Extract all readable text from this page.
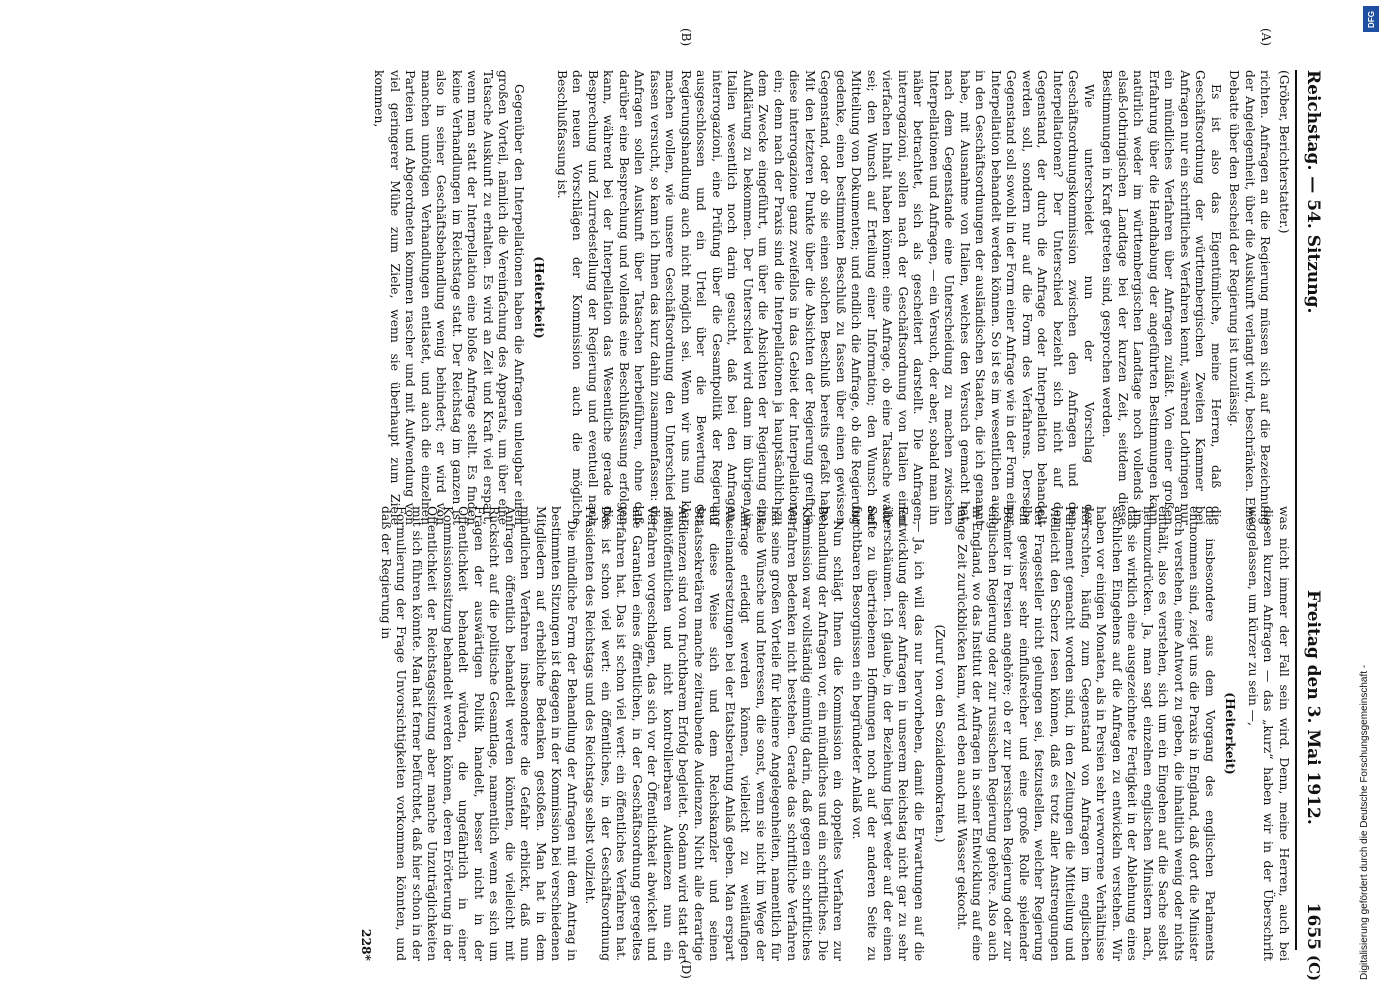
Reichstag. — 54. Sitzung.
Freitag den 3. Mai 1912.
1655
(A)
(B)
(C)
(D)

(Gröber, Berichterstatter.)

richten. Anfragen an die Regierung müssen sich auf die Bezeichnung der Angelegenheit, über die Auskunft verlangt wird, beschränken. Eine Debatte über den Bescheid der Regierung ist unzulässig.

Es ist also das Eigentümliche, meine Herren, daß die Geschäftsordnung der württembergischen Zweiten Kammer bei Anfragen nur ein schriftliches Verfahren kennt, während Lothringen nur ein mündliches Verfahren über Anfragen zuläßt. Von einer großen Erfahrung über die Handhabung der angeführten Bestimmungen kann natürlich weder im württembergischen Landtage noch vollends im elsaß-lothringischen Landtage bei der kurzen Zeit, seitdem diese Bestimmungen in Kraft getreten sind, gesprochen werden.

Wie unterscheidet nun der Vorschlag der Geschäftsordnungskommission zwischen den Anfragen und den Interpellationen? Der Unterschied bezieht sich nicht auf den Gegenstand, der durch die Anfrage oder Interpellation behandelt werden soll, sondern nur auf die Form des Verfahrens. Derselbe Gegenstand soll sowohl in der Form einer Anfrage wie in der Form einer Interpellation behandelt werden können. So ist es im wesentlichen auch in den Geschäftsordnungen der ausländischen Staaten, die ich genannt habe, mit Ausnahme von Italien, welches den Versuch gemacht hat, nach dem Gegenstande eine Unterscheidung zu machen zwischen Interpellationen und Anfragen, — ein Versuch, der aber, sobald man ihn näher betrachtet, sich als gescheitert darstellt. Die Anfragen, interrogazioni, sollen nach der Geschäftsordnung von Italien einen vierfachen Inhalt haben können: eine Anfrage, ob eine Tatsache wahr sei; den Wunsch auf Erteilung einer Information; den Wunsch auf Mitteilung von Dokumenten; und endlich die Anfrage, ob die Regierung gedenke, einen bestimmten Beschluß zu fassen über einen gewissen Gegenstand, oder ob sie einen solchen Beschluß bereits gefaßt habe. Mit den letzteren Punkte über die Absichten der Regierung greift ja diese interrogazione ganz zweifellos in das Gebiet der Interpellationen ein; denn nach der Praxis sind die Interpellationen ja hauptsächlich zu dem Zwecke eingeführt, um über die Absichten der Regierung eine Aufklärung zu bekommen. Der Unterschied wird dann im übrigen in Italien wesentlich noch darin gesucht, daß bei den Anfragen, interrogazioni, eine Prüfung über die Gesamtpolitik der Regierung ausgeschlossen und ein Urteil über die Bewertung der Regierungshandlung auch nicht möglich sei. Wenn wir uns nun klar machen wollen, wie unsere Geschäftsordnung den Unterschied zu fassen versucht, so kann ich Ihnen das kurz dahin zusammenfassen: die Anfragen sollen Auskunft über Tatsachen herbeiführen, ohne daß darüber eine Besprechung und vollends eine Beschlußfassung erfolgen kann, während bei der Interpellation das Wesentliche gerade die Besprechung und Zurredestellung der Regierung und eventuell nach den neuen Vorschlägen der Kommission auch die mögliche Beschlußfassung ist.

(Heiterkeit)

Gegenüber den Interpellationen haben die Anfragen unleugbar einen großen Vorteil, nämlich die Vereinfachung des Apparats, um über eine Tatsache Auskunft zu erhalten. Es wird an Zeit und Kraft viel erspart, wenn man statt der Interpellation eine bloße Anfrage stellt. Es finden keine Verhandlungen im Reichstage statt. Der Reichstag im ganzen ist also in seiner Geschäftsbehandlung wenig behindert; er wird von manchen unnötigen Verhandlungen entlastet, und auch die einzelnen Parteien und Abgeordneten kommen rascher und mit Aufwendung von viel geringerer Mühe zum Ziele, wenn sie überhaupt zum Ziele kommen,

was nicht immer der Fall sein wird. Denn, meine Herren, auch bei diesen kurzen Anfragen — das „kurz“ haben wir in der Überschrift weggelassen, um kürzer zu sein —,

(Heiterkeit)

die insbesondere aus dem Vorgang des englischen Parlaments entnommen sind, zeigt uns die Praxis in England, daß dort die Minister auch verstehen, eine Antwort zu geben, die inhaltlich wenig oder nichts enthält, also es verstehen, sich um ein Eingehen auf die Sache selbst herumzudrücken. Ja, man sagt einzelnen englischen Ministern nach, daß sie wirklich eine ausgezeichnete Fertigkeit in der Ablehnung eines sachlichen Eingehens auf die Anfragen zu entwickeln verstehen. Wir haben vor einigen Monaten, als in Persien sehr verworrene Verhältnisse herrschten, häufig zum Gegenstand von Anfragen im englischen Parlament gemacht worden sind, in den Zeitungen die Mitteilung und vielleicht den Scherz lesen können, daß es trotz aller Anstrengungen der Fragesteller nicht gelungen sei, festzustellen, welcher Regierung ein gewisser sehr einflußreicher und eine große Rolle spielender Beamter in Persien angehöre; ob er zur persischen Regierung oder zur englischen Regierung oder zur russischen Regierung gehöre. Also auch in England, wo das Institut der Anfragen in seiner Entwicklung auf eine lange Zeit zurückblicken kann, wird eben auch mit Wasser gekocht.

(Zuruf von den Sozialdemokraten.)

— Ja, ich will das nur hervorheben, damit die Erwartungen auf die Entwicklung dieser Anfragen in unserem Reichstag nicht gar zu sehr überschäumen. Ich glaube, in der Beziehung liegt weder auf der einen Seite zu übertriebenen Hoffnungen noch auf der anderen Seite zu furchtbaren Besorgnissen ein begründeter Anlaß vor.

Nun schlägt Ihnen die Kommission ein doppeltes Verfahren zur Behandlung der Anfragen vor, ein mündliches und ein schriftliches. Die Kommission war vollständig einmütig darin, daß gegen ein schriftliches Verfahren Bedenken nicht bestehen. Gerade das schriftliche Verfahren hat seine großen Vorteile für kleinere Angelegenheiten, namentlich für lokale Wünsche und Interessen, die sonst, wenn sie nicht im Wege der Anfrage erledigt werden können, vielleicht zu weitläufigen Auseinandersetzungen bei der Etatsberatung Anlaß geben. Man erspart auf diese Weise sich und dem Reichskanzler und seinen Staatssekretären manche zeitraubende Audienzen. Nicht alle derartige Audienzen sind von fruchtbarem Erfolg begleitet. Sodann wird statt der nichtöffentlichen und nicht kontrollierbaren Audienzen nun ein Verfahren vorgeschlagen, das sich vor der Öffentlichkeit abwickelt und alle Garantien eines öffentlichen, in der Geschäftsordnung geregeltes Verfahren hat. Das ist schon viel wert: ein öffentliches Verfahren hat. Das ist schon viel wert: ein öffentliches, in der Geschäftsordnung Präsidenten des Reichstags und des Reichstags selbst vollzieht.

Die mündliche Form der Behandlung der Anfragen mit dem Antrag in bestimmten Sitzungen ist dagegen in der Kommission bei verschiedenen Mitgliedern auf erhebliche Bedenken gestoßen. Man hat in dem mündlichen Verfahren insbesondere die Gefahr erblickt, daß nun Anfragen öffentlich behandelt werden könnten, die vielleicht mit Rücksicht auf die politische Gesamtlage, namentlich wenn es sich um Fragen der auswärtigen Politik handelt, besser nicht in der Öffentlichkeit behandelt würden, die ungefährlich in einer Kommissionssitzung behandelt werden können, deren Erörterung in der Öffentlichkeit der Reichstagssitzung aber manche Unzuträglichkeiten mit sich führen könnte. Man hat ferner befürchtet, daß hier schon in der Formulierung der Frage Unvorsichtigkeiten vorkommen könnten, und daß der Regierung in

228*	Digitalisierung gefördert durch die Deutsche Forschungsgemeinschaft -
DFG
